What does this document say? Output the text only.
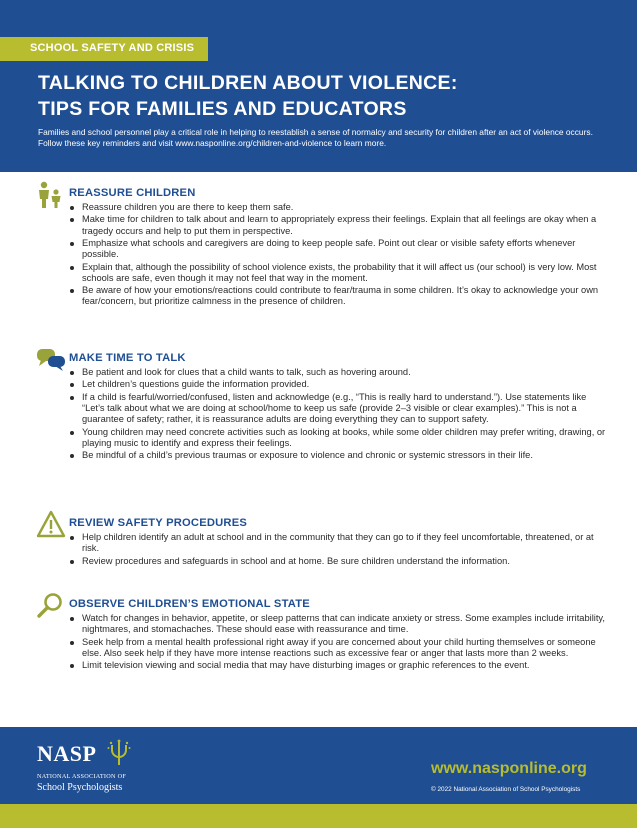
SCHOOL SAFETY AND CRISIS
TALKING TO CHILDREN ABOUT VIOLENCE:
TIPS FOR FAMILIES AND EDUCATORS
Families and school personnel play a critical role in helping to reestablish a sense of normalcy and security for children after an act of violence occurs. Follow these key reminders and visit www.nasponline.org/children-and-violence to learn more.
REASSURE CHILDREN
Reassure children you are there to keep them safe.
Make time for children to talk about and learn to appropriately express their feelings. Explain that all feelings are okay when a tragedy occurs and help to put them in perspective.
Emphasize what schools and caregivers are doing to keep people safe. Point out clear or visible safety efforts whenever possible.
Explain that, although the possibility of school violence exists, the probability that it will affect us (our school) is very low. Most schools are safe, even though it may not feel that way in the moment.
Be aware of how your emotions/reactions could contribute to fear/trauma in some children. It’s okay to acknowledge your own fear/concern, but prioritize calmness in the presence of children.
MAKE TIME TO TALK
Be patient and look for clues that a child wants to talk, such as hovering around.
Let children’s questions guide the information provided.
If a child is fearful/worried/confused, listen and acknowledge (e.g., “This is really hard to understand.”). Use statements like “Let’s talk about what we are doing at school/home to keep us safe (provide 2–3 visible or clear examples).” This is not a guarantee of safety; rather, it is reassurance adults are doing everything they can to support safety.
Young children may need concrete activities such as looking at books, while some older children may prefer writing, drawing, or playing music to identify and express their feelings.
Be mindful of a child’s previous traumas or exposure to violence and chronic or systemic stressors in their life.
REVIEW SAFETY PROCEDURES
Help children identify an adult at school and in the community that they can go to if they feel uncomfortable, threatened, or at risk.
Review procedures and safeguards in school and at home. Be sure children understand the information.
OBSERVE CHILDREN’S EMOTIONAL STATE
Watch for changes in behavior, appetite, or sleep patterns that can indicate anxiety or stress. Some examples include irritability, nightmares, and stomachaches. These should ease with reassurance and time.
Seek help from a mental health professional right away if you are concerned about your child hurting themselves or someone else. Also seek help if they have more intense reactions such as excessive fear or anger that lasts more than 2 weeks.
Limit television viewing and social media that may have disturbing images or graphic references to the event.
NASP
NATIONAL ASSOCIATION OF
School Psychologists
www.nasponline.org
© 2022 National Association of School Psychologists
